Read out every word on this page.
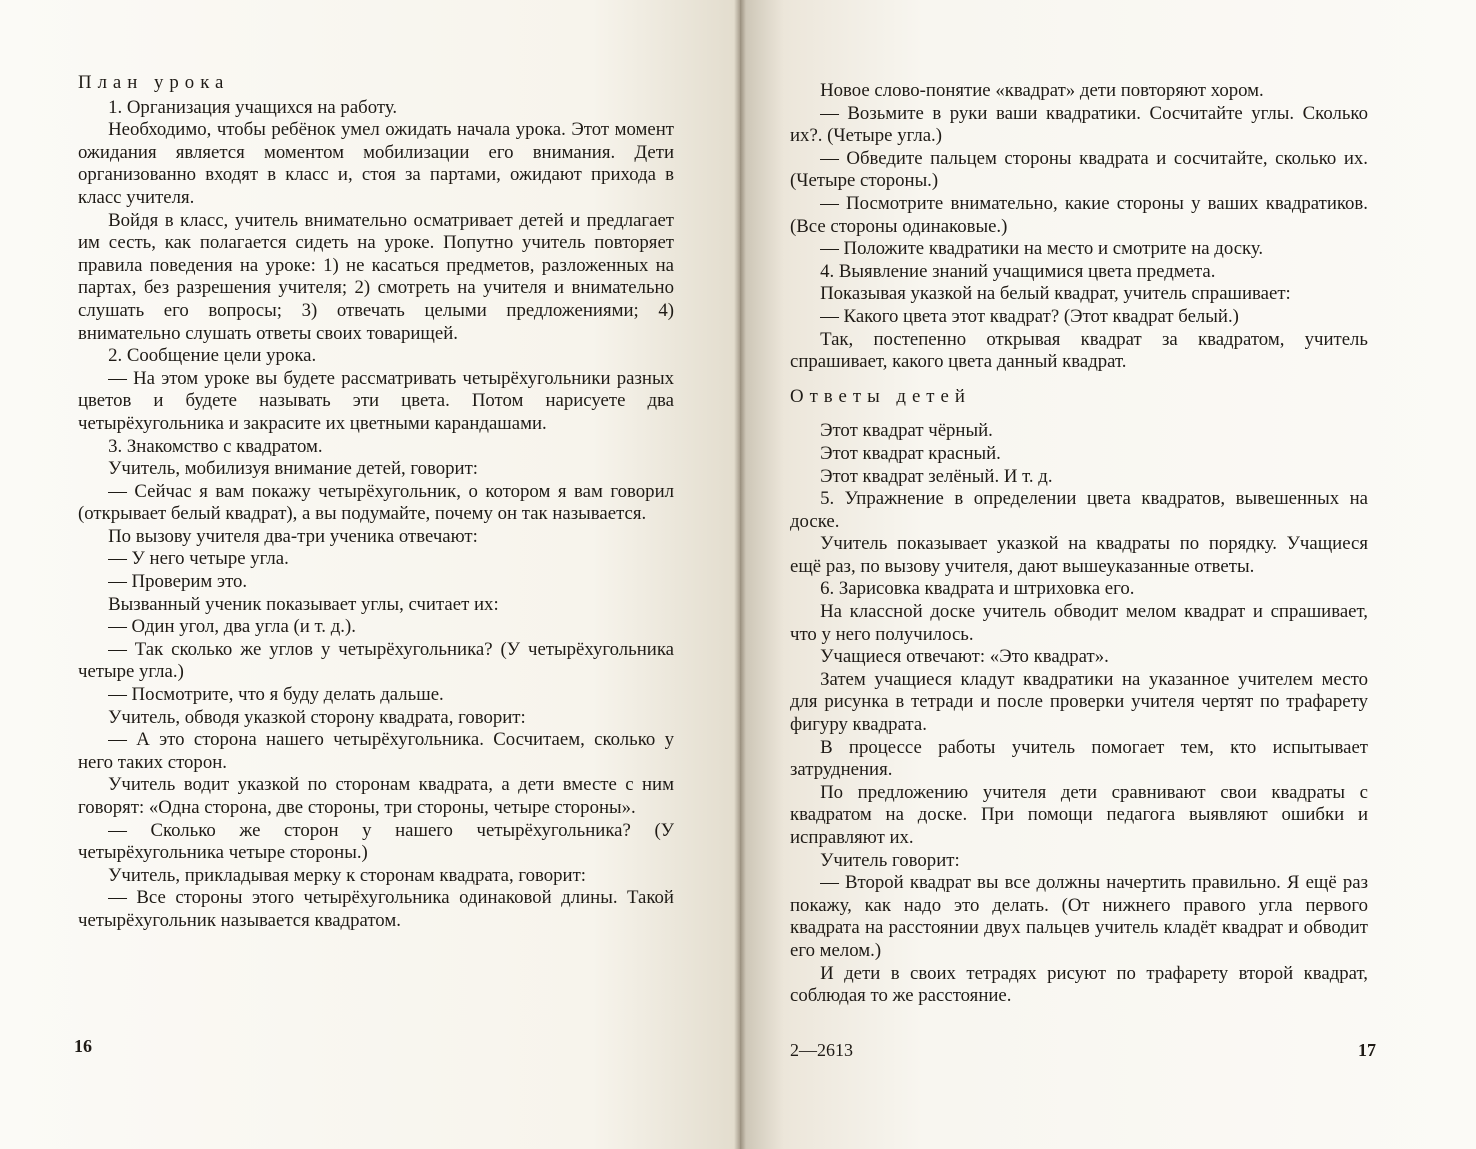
План урока

1. Организация учащихся на работу.

Необходимо, чтобы ребёнок умел ожидать начала урока. Этот момент ожидания является моментом мобилизации его внимания. Дети организованно входят в класс и, стоя за партами, ожидают прихода в класс учителя.

Войдя в класс, учитель внимательно осматривает детей и предлагает им сесть, как полагается сидеть на уроке. Попутно учитель повторяет правила поведения на уроке: 1) не касаться предметов, разложенных на партах, без разрешения учителя; 2) смотреть на учителя и внимательно слушать его вопросы; 3) отвечать целыми предложениями; 4) внимательно слушать ответы своих товарищей.

2. Сообщение цели урока.

— На этом уроке вы будете рассматривать четырёхугольники разных цветов и будете называть эти цвета. Потом нарисуете два четырёхугольника и закрасите их цветными карандашами.

3. Знакомство с квадратом.

Учитель, мобилизуя внимание детей, говорит:

— Сейчас я вам покажу четырёхугольник, о котором я вам говорил (открывает белый квадрат), а вы подумайте, почему он так называется.

По вызову учителя два-три ученика отвечают:

— У него четыре угла.

— Проверим это.

Вызванный ученик показывает углы, считает их:

— Один угол, два угла (и т. д.).

— Так сколько же углов у четырёхугольника? (У четырёхугольника четыре угла.)

— Посмотрите, что я буду делать дальше.

Учитель, обводя указкой сторону квадрата, говорит:

— А это сторона нашего четырёхугольника. Сосчитаем, сколько у него таких сторон.

Учитель водит указкой по сторонам квадрата, а дети вместе с ним говорят: «Одна сторона, две стороны, три стороны, четыре стороны».

— Сколько же сторон у нашего четырёхугольника? (У четырёхугольника четыре стороны.)

Учитель, прикладывая мерку к сторонам квадрата, говорит:

— Все стороны этого четырёхугольника одинаковой длины. Такой четырёхугольник называется квадратом.

16

Новое слово-понятие «квадрат» дети повторяют хором.

— Возьмите в руки ваши квадратики. Сосчитайте углы. Сколько их?. (Четыре угла.)

— Обведите пальцем стороны квадрата и сосчитайте, сколько их. (Четыре стороны.)

— Посмотрите внимательно, какие стороны у ваших квадратиков. (Все стороны одинаковые.)

— Положите квадратики на место и смотрите на доску.

4. Выявление знаний учащимися цвета предмета.

Показывая указкой на белый квадрат, учитель спрашивает:

— Какого цвета этот квадрат? (Этот квадрат белый.)

Так, постепенно открывая квадрат за квадратом, учитель спрашивает, какого цвета данный квадрат.

Ответы детей

Этот квадрат чёрный.

Этот квадрат красный.

Этот квадрат зелёный. И т. д.

5. Упражнение в определении цвета квадратов, вывешенных на доске.

Учитель показывает указкой на квадраты по порядку. Учащиеся ещё раз, по вызову учителя, дают вышеуказанные ответы.

6. Зарисовка квадрата и штриховка его.

На классной доске учитель обводит мелом квадрат и спрашивает, что у него получилось.

Учащиеся отвечают: «Это квадрат».

Затем учащиеся кладут квадратики на указанное учителем место для рисунка в тетради и после проверки учителя чертят по трафарету фигуру квадрата.

В процессе работы учитель помогает тем, кто испытывает затруднения.

По предложению учителя дети сравнивают свои квадраты с квадратом на доске. При помощи педагога выявляют ошибки и исправляют их.

Учитель говорит:

— Второй квадрат вы все должны начертить правильно. Я ещё раз покажу, как надо это делать. (От нижнего правого угла первого квадрата на расстоянии двух пальцев учитель кладёт квадрат и обводит его мелом.)

И дети в своих тетрадях рисуют по трафарету второй квадрат, соблюдая то же расстояние.

2—2613	17
